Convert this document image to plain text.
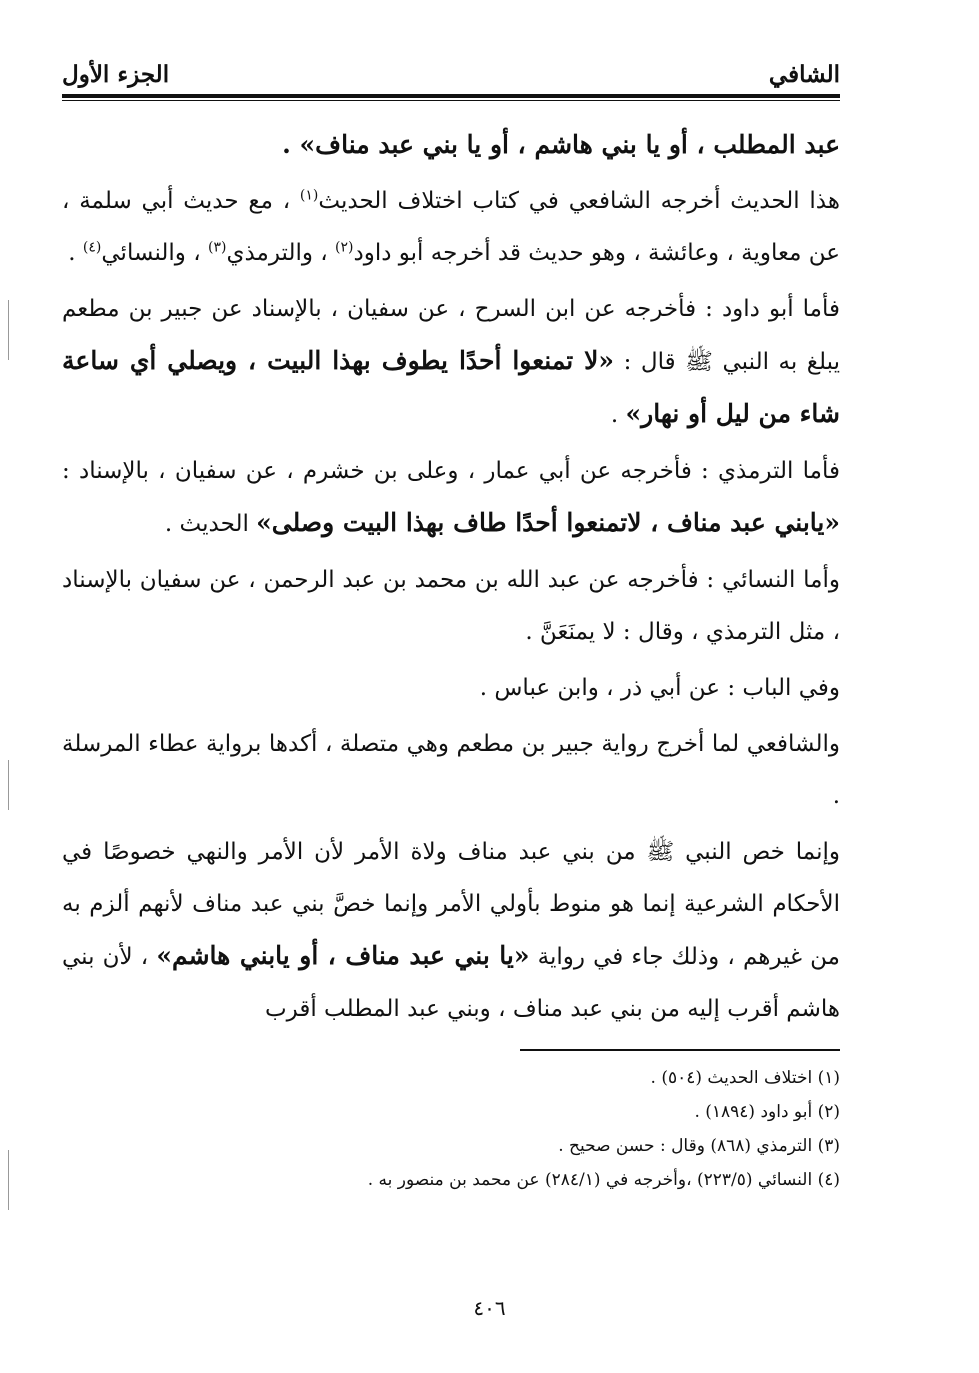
الشافي
الجزء الأول

عبد المطلب ، أو يا بني هاشم ، أو يا بني عبد مناف» .

هذا الحديث أخرجه الشافعي في كتاب اختلاف الحديث$^{(١)}$ ، مع حديث أبي سلمة ، عن معاوية ، وعائشة ، وهو حديث قد أخرجه أبو داود$^{(٢)}$ ، والترمذي$^{(٣)}$ ، والنسائي$^{(٤)}$ .

فأما أبو داود : فأخرجه عن ابن السرح ، عن سفيان ، بالإسناد عن جبير بن مطعم يبلغ به النبي ﷺ قال : «لا تمنعوا أحدًا يطوف بهذا البيت ، ويصلي أي ساعة شاء من ليل أو نهار» .

فأما الترمذي : فأخرجه عن أبي عمار ، وعلى بن خشرم ، عن سفيان ، بالإسناد : «يابني عبد مناف ، لاتمنعوا أحدًا طاف بهذا البيت وصلى» الحديث .

وأما النسائي : فأخرجه عن عبد الله بن محمد بن عبد الرحمن ، عن سفيان بالإسناد ، مثل الترمذي ، وقال : لا يمنَعَنَّ .

وفي الباب : عن أبي ذر ، وابن عباس .

والشافعي لما أخرج رواية جبير بن مطعم وهي متصلة ، أكدها برواية عطاء المرسلة .

وإنما خص النبي ﷺ من بني عبد مناف ولاة الأمر لأن الأمر والنهي خصوصًا في الأحكام الشرعية إنما هو منوط بأولي الأمر وإنما خصَّ بني عبد مناف لأنهم ألزم به من غيرهم ، وذلك جاء في رواية «يا بني عبد مناف ، أو يابني هاشم» ، لأن بني هاشم أقرب إليه من بني عبد مناف ، وبني عبد المطلب أقرب

(١) اختلاف الحديث (٥٠٤) .
(٢) أبو داود (١٨٩٤) .
(٣) الترمذي (٨٦٨) وقال : حسن صحيح .
(٤) النسائي (٢٢٣/٥) ،وأخرجه في (٢٨٤/١) عن محمد بن منصور به .
٤٠٦
